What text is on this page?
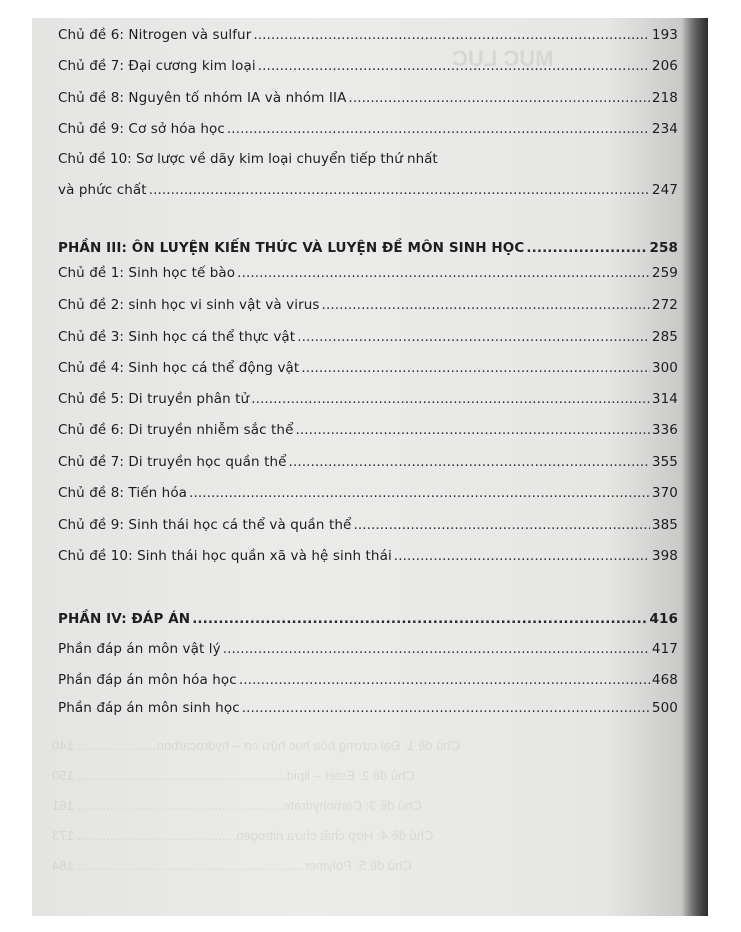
MỤC LỤC
Chủ đề 1: Đại cương hóa học hữu cơ – hydrocarbon...................... 140
Chủ đề 2: Ester – lipid.......................................................... 150
Chủ đề 3: Carbohydrate......................................................... 161
Chủ đề 4: Hợp chất chứa nitrogen............................................ 173
Chủ đề 5: Polymer............................................................... 184
Chủ đề 6: Nitrogen và sulfur .....	193
Chủ đề 7: Đại cương kim loại .....	206
Chủ đề 8: Nguyên tố nhóm IA và nhóm IIA .....	218
Chủ đề 9: Cơ sở hóa học .....	234
Chủ đề 10: Sơ lược về dãy kim loại chuyển tiếp thứ nhất
và phức chất .....	247
PHẦN III: ÔN LUYỆN KIẾN THỨC VÀ LUYỆN ĐỀ MÔN SINH HỌC .....	258
Chủ đề 1: Sinh học tế bào .....	259
Chủ đề 2: sinh học vi sinh vật và virus .....	272
Chủ đề 3: Sinh học cá thể thực vật .....	285
Chủ đề 4: Sinh học cá thể động vật .....	300
Chủ đề 5: Di truyền phân tử .....	314
Chủ đề 6: Di truyền nhiễm sắc thể .....	336
Chủ đề 7: Di truyền học quần thể .....	355
Chủ đề 8: Tiến hóa .....	370
Chủ đề 9: Sinh thái học cá thể và quần thể .....	385
Chủ đề 10: Sinh thái học quần xã và hệ sinh thái .....	398
PHẦN IV: ĐÁP ÁN .....	416
Phần đáp án môn vật lý .....	417
Phần đáp án môn hóa học .....	468
Phần đáp án môn sinh học .....	500
